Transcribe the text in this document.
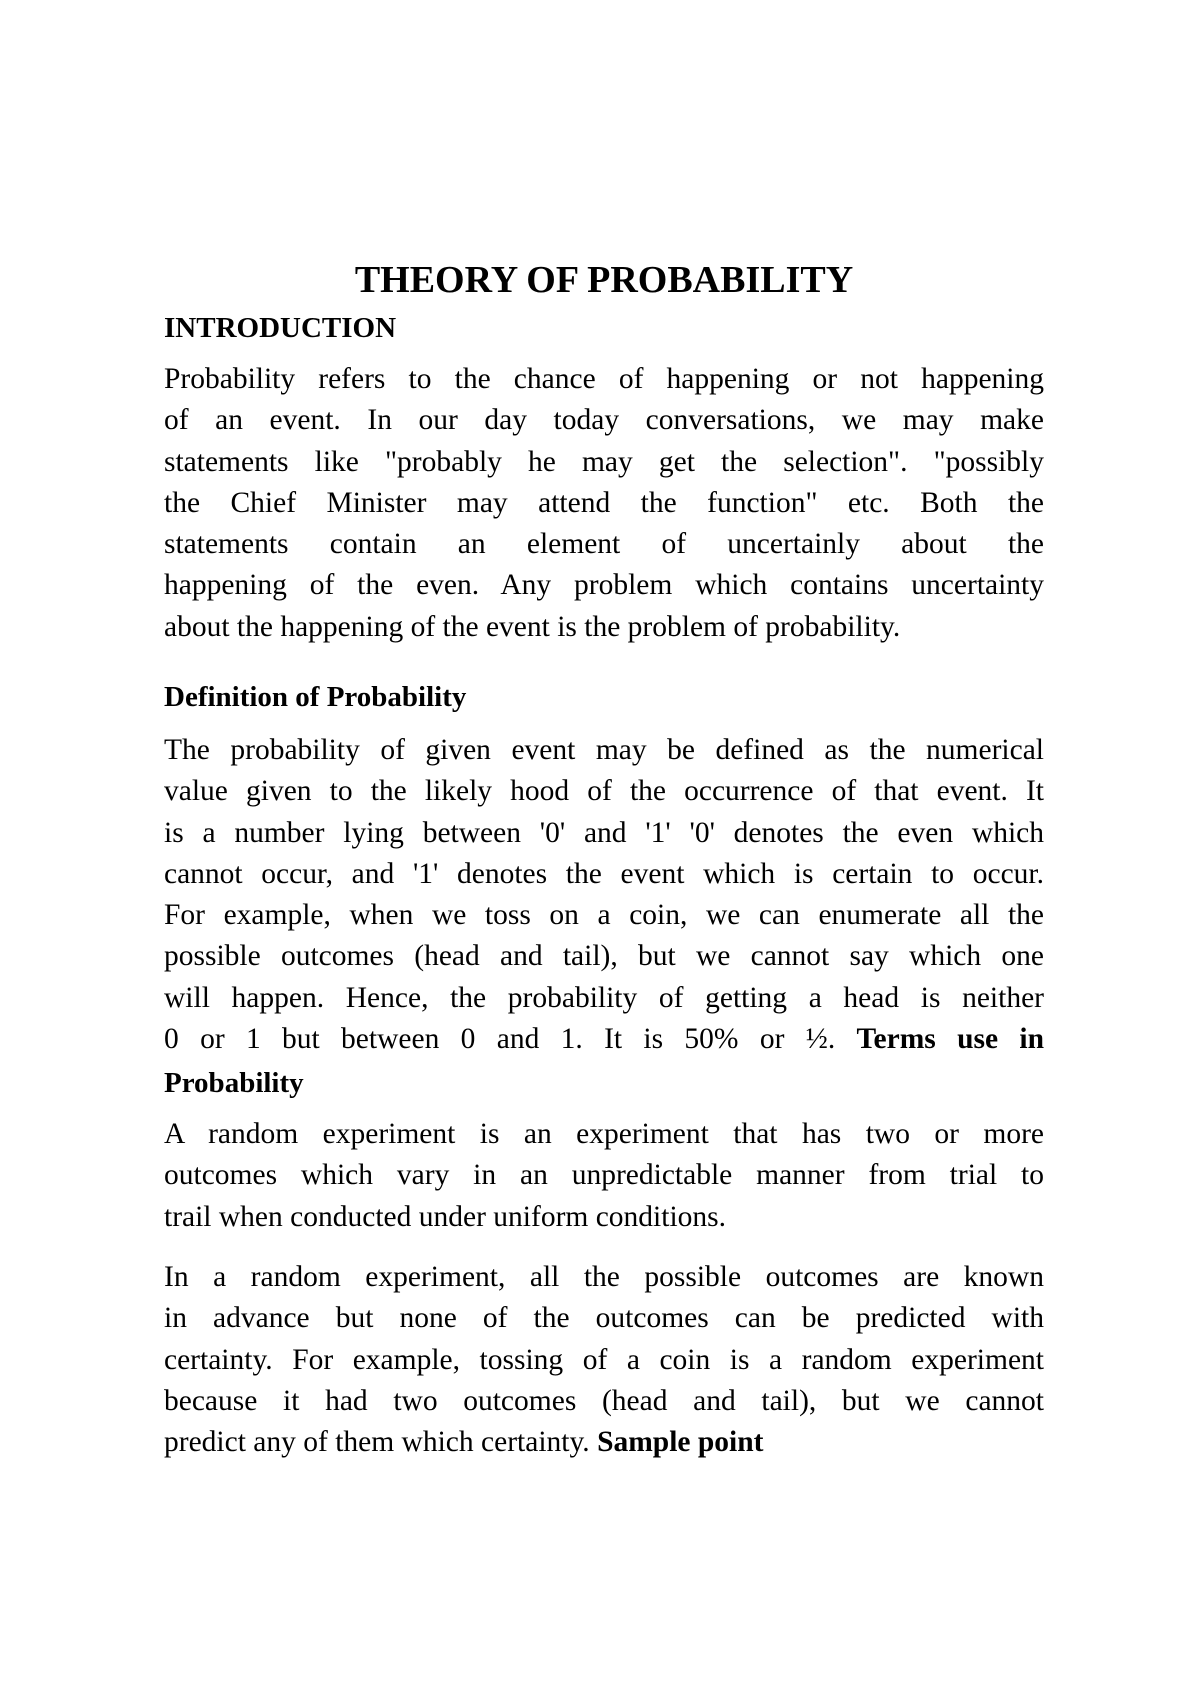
THEORY OF PROBABILITY
INTRODUCTION
Probability refers to the chance of happening or not happening
of an event. In our day today conversations, we may make
statements like "probably he may get the selection". "possibly
the Chief Minister may attend the function" etc. Both the
statements contain an element of uncertainly about the
happening of the even. Any problem which contains uncertainty
about the happening of the event is the problem of probability.
Definition of Probability
The probability of given event may be defined as the numerical
value given to the likely hood of the occurrence of that event. It
is a number lying between '0' and '1' '0' denotes the even which
cannot occur, and '1' denotes the event which is certain to occur.
For example, when we toss on a coin, we can enumerate all the
possible outcomes (head and tail), but we cannot say which one
will happen. Hence, the probability of getting a head is neither
0 or 1 but between 0 and 1. It is 50% or ½. Terms use in
Probability
A random experiment is an experiment that has two or more
outcomes which vary in an unpredictable manner from trial to
trail when conducted under uniform conditions.
In a random experiment, all the possible outcomes are known
in advance but none of the outcomes can be predicted with
certainty. For example, tossing of a coin is a random experiment
because it had two outcomes (head and tail), but we cannot
predict any of them which certainty. Sample point
